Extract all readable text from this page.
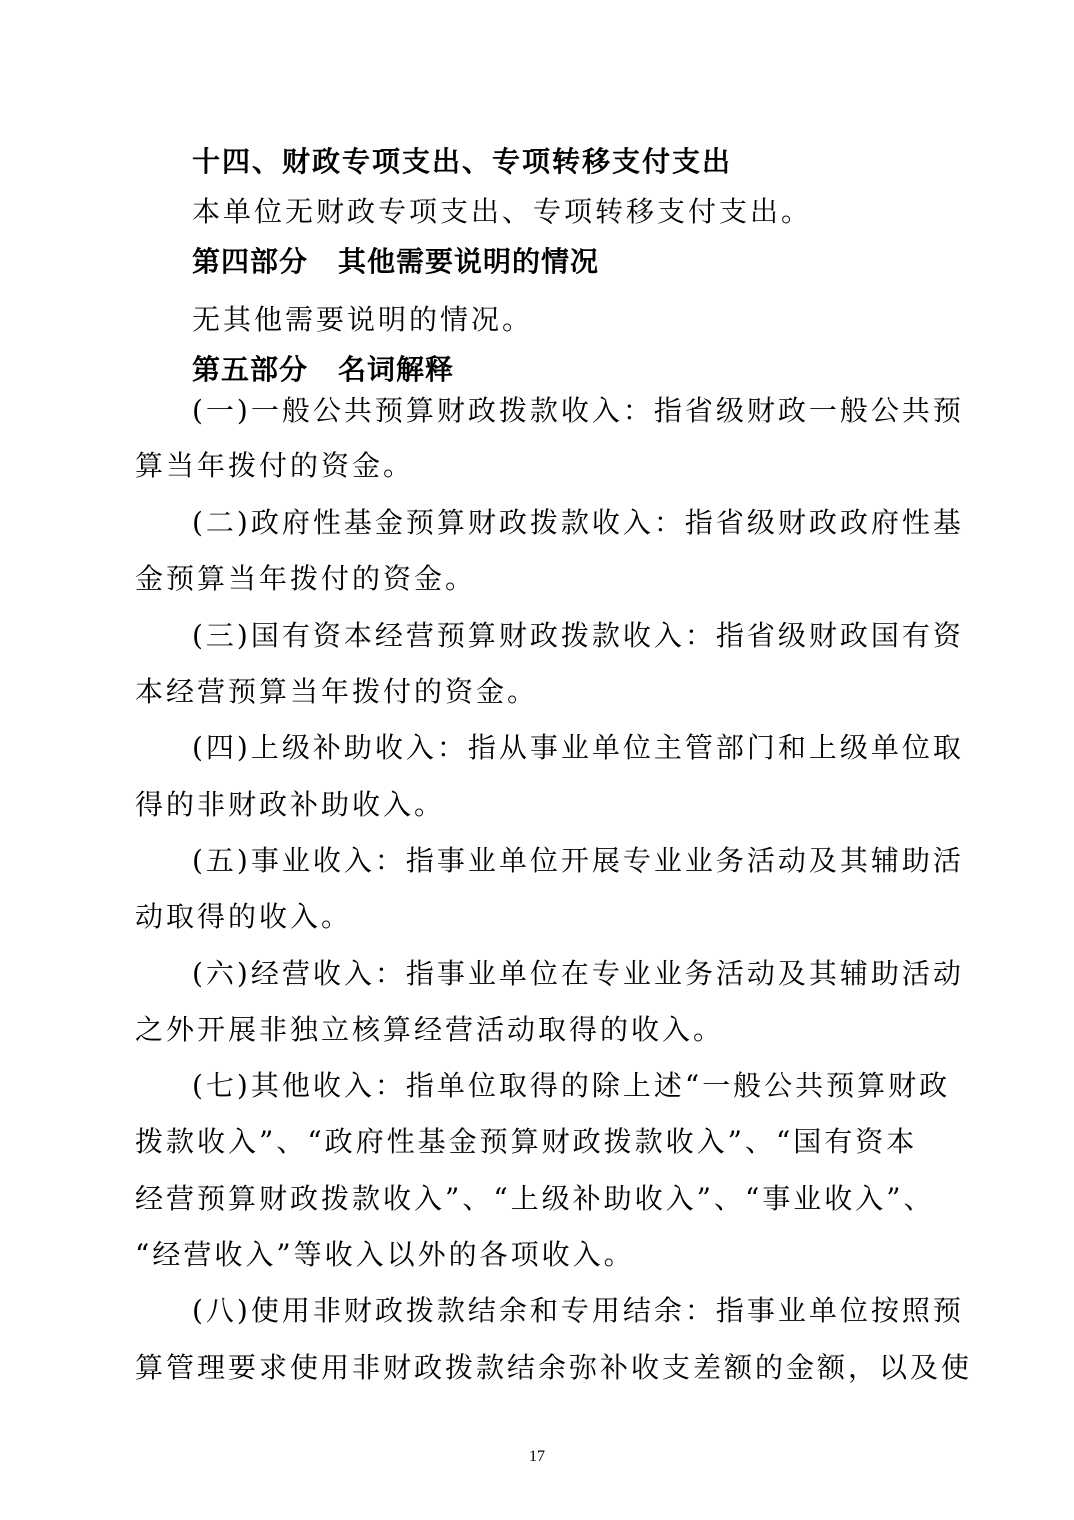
十四、财政专项支出、专项转移支付支出
本单位无财政专项支出、专项转移支付支出。
第四部分 其他需要说明的情况
无其他需要说明的情况。
第五部分 名词解释
(一)一般公共预算财政拨款收入：指省级财政一般公共预
算当年拨付的资金。
(二)政府性基金预算财政拨款收入：指省级财政政府性基
金预算当年拨付的资金。
(三)国有资本经营预算财政拨款收入：指省级财政国有资
本经营预算当年拨付的资金。
(四)上级补助收入：指从事业单位主管部门和上级单位取
得的非财政补助收入。
(五)事业收入：指事业单位开展专业业务活动及其辅助活
动取得的收入。
(六)经营收入：指事业单位在专业业务活动及其辅助活动
之外开展非独立核算经营活动取得的收入。
(七)其他收入：指单位取得的除上述“一般公共预算财政
拨款收入”、“政府性基金预算财政拨款收入”、“国有资本
经营预算财政拨款收入”、“上级补助收入”、“事业收入”、
“经营收入”等收入以外的各项收入。
(八)使用非财政拨款结余和专用结余：指事业单位按照预
算管理要求使用非财政拨款结余弥补收支差额的金额，以及使
17
